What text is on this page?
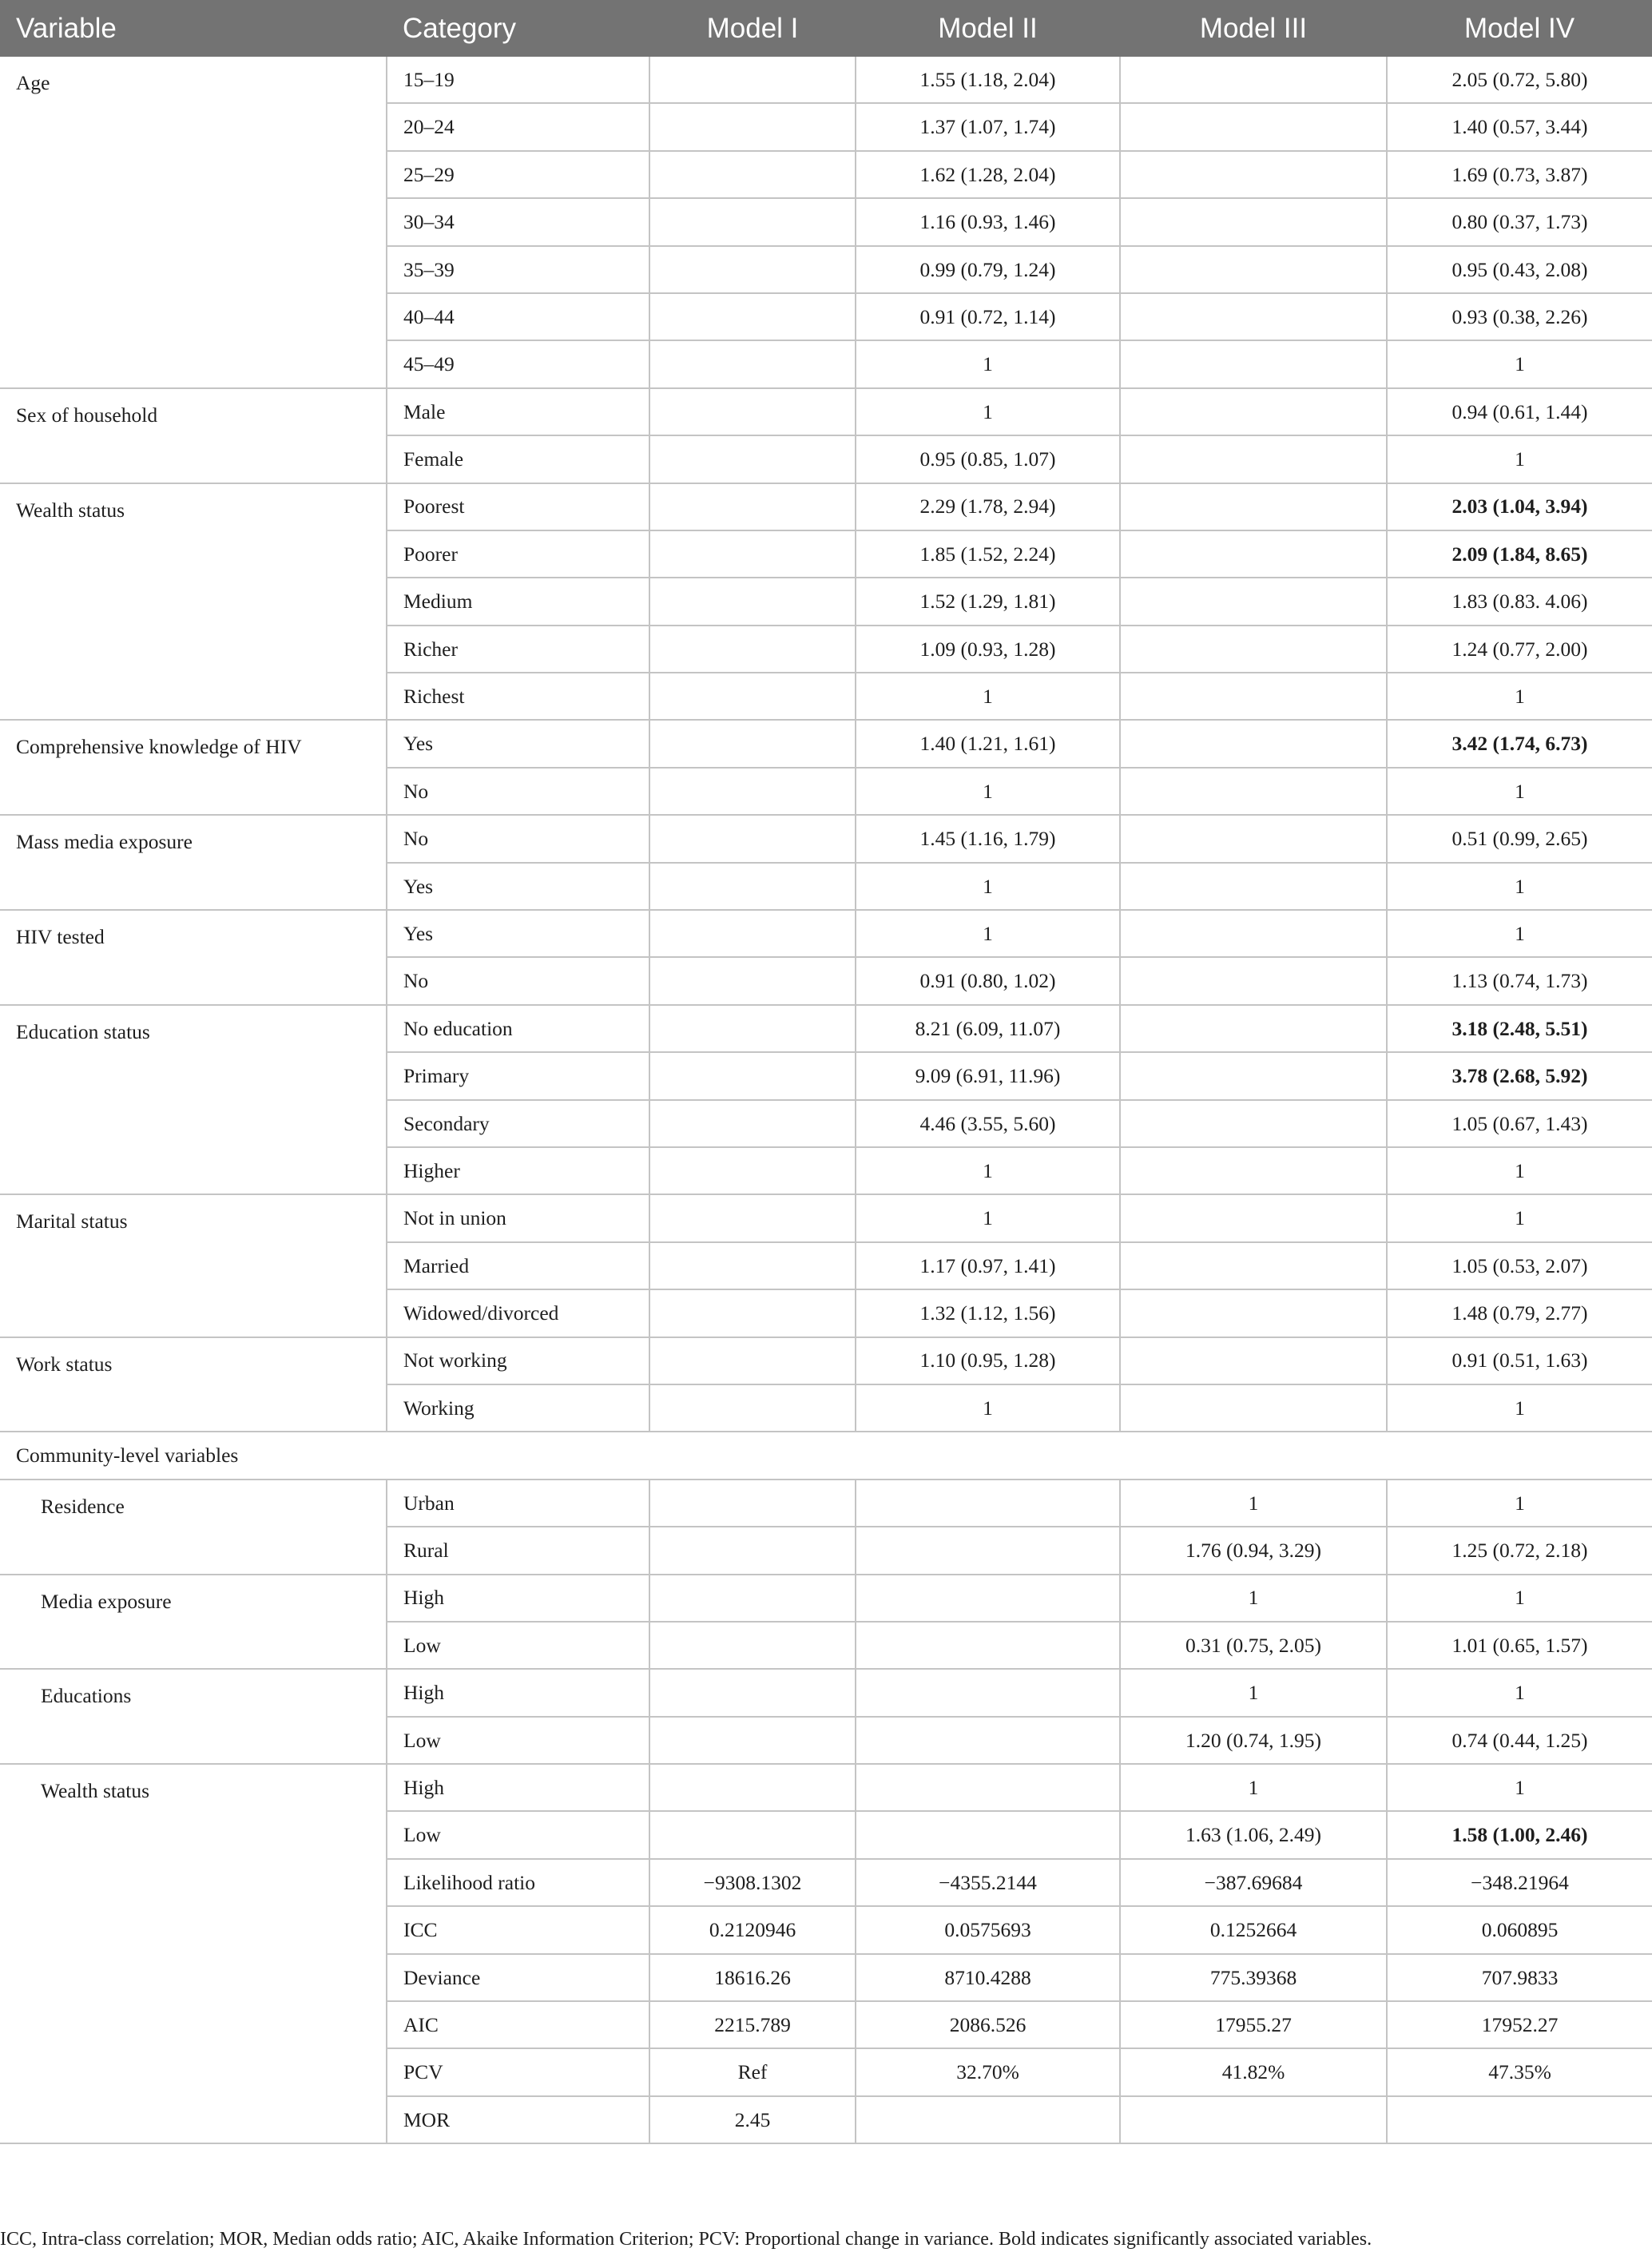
Variable	Category	Model I	Model II	Model III	Model IV
Age	15–19		1.55 (1.18, 2.04)		2.05 (0.72, 5.80)
	20–24		1.37 (1.07, 1.74)		1.40 (0.57, 3.44)
	25–29		1.62 (1.28, 2.04)		1.69 (0.73, 3.87)
	30–34		1.16 (0.93, 1.46)		0.80 (0.37, 1.73)
	35–39		0.99 (0.79, 1.24)		0.95 (0.43, 2.08)
	40–44		0.91 (0.72, 1.14)		0.93 (0.38, 2.26)
	45–49		1		1
Sex of household	Male		1		0.94 (0.61, 1.44)
	Female		0.95 (0.85, 1.07)		1
Wealth status	Poorest		2.29 (1.78, 2.94)		2.03 (1.04, 3.94)
	Poorer		1.85 (1.52, 2.24)		2.09 (1.84, 8.65)
	Medium		1.52 (1.29, 1.81)		1.83 (0.83. 4.06)
	Richer		1.09 (0.93, 1.28)		1.24 (0.77, 2.00)
	Richest		1		1
Comprehensive knowledge of HIV	Yes		1.40 (1.21, 1.61)		3.42 (1.74, 6.73)
	No		1		1
Mass media exposure	No		1.45 (1.16, 1.79)		0.51 (0.99, 2.65)
	Yes		1		1
HIV tested	Yes		1		1
	No		0.91 (0.80, 1.02)		1.13 (0.74, 1.73)
Education status	No education		8.21 (6.09, 11.07)		3.18 (2.48, 5.51)
	Primary		9.09 (6.91, 11.96)		3.78 (2.68, 5.92)
	Secondary		4.46 (3.55, 5.60)		1.05 (0.67, 1.43)
	Higher		1		1
Marital status	Not in union		1		1
	Married		1.17 (0.97, 1.41)		1.05 (0.53, 2.07)
	Widowed/divorced		1.32 (1.12, 1.56)		1.48 (0.79, 2.77)
Work status	Not working		1.10 (0.95, 1.28)		0.91 (0.51, 1.63)
	Working		1		1
Community-level variables					
Residence	Urban			1	1
	Rural			1.76 (0.94, 3.29)	1.25 (0.72, 2.18)
Media exposure	High			1	1
	Low			0.31 (0.75, 2.05)	1.01 (0.65, 1.57)
Educations	High			1	1
	Low			1.20 (0.74, 1.95)	0.74 (0.44, 1.25)
Wealth status	High			1	1
	Low			1.63 (1.06, 2.49)	1.58 (1.00, 2.46)
	Likelihood ratio	−9308.1302	−4355.2144	−387.69684	−348.21964
	ICC	0.2120946	0.0575693	0.1252664	0.060895
	Deviance	18616.26	8710.4288	775.39368	707.9833
	AIC	2215.789	2086.526	17955.27	17952.27
	PCV	Ref	32.70%	41.82%	47.35%
	MOR	2.45			
ICC, Intra-class correlation; MOR, Median odds ratio; AIC, Akaike Information Criterion; PCV: Proportional change in variance. Bold indicates significantly associated variables.
